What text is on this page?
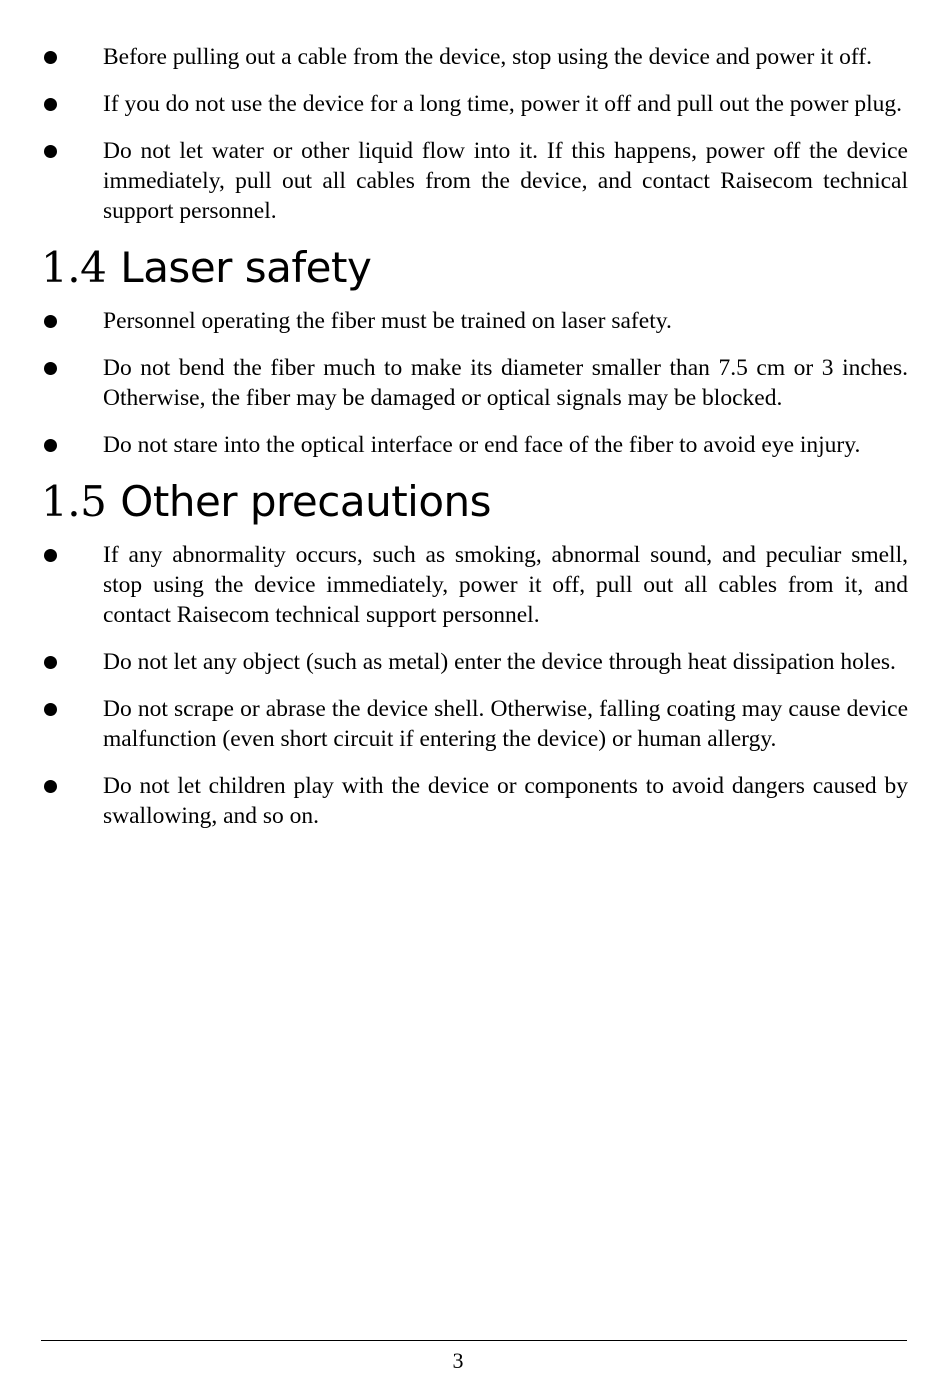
Before pulling out a cable from the device, stop using the device and power it off.
If you do not use the device for a long time, power it off and pull out the power plug.
Do not let water or other liquid flow into it. If this happens, power off the device immediately, pull out all cables from the device, and contact Raisecom technical support personnel.
1.4 Laser safety
Personnel operating the fiber must be trained on laser safety.
Do not bend the fiber much to make its diameter smaller than 7.5 cm or 3 inches. Otherwise, the fiber may be damaged or optical signals may be blocked.
Do not stare into the optical interface or end face of the fiber to avoid eye injury.
1.5 Other precautions
If any abnormality occurs, such as smoking, abnormal sound, and peculiar smell, stop using the device immediately, power it off, pull out all cables from it, and contact Raisecom technical support personnel.
Do not let any object (such as metal) enter the device through heat dissipation holes.
Do not scrape or abrase the device shell. Otherwise, falling coating may cause device malfunction (even short circuit if entering the device) or human allergy.
Do not let children play with the device or components to avoid dangers caused by swallowing, and so on.
3
